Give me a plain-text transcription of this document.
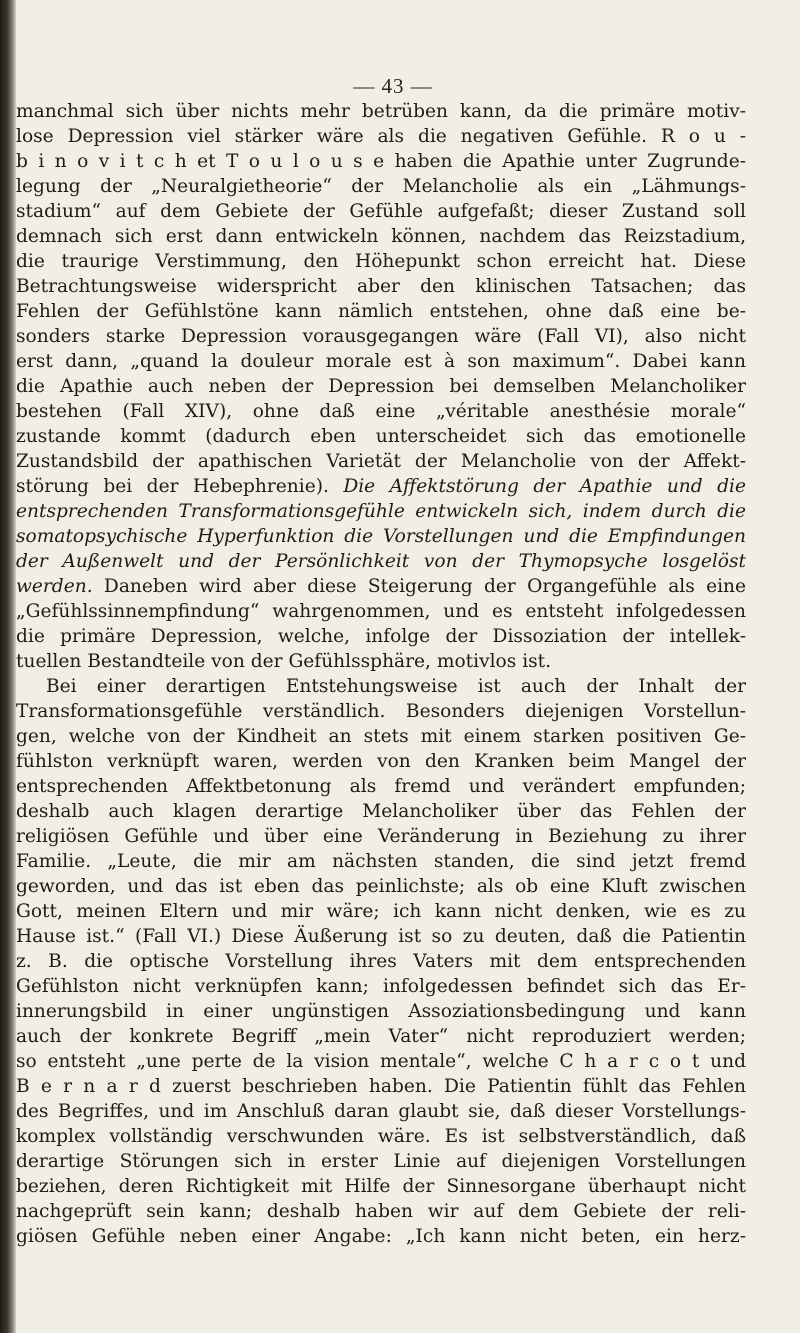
— 43 —
manchmal sich über nichts mehr betrüben kann, da die primäre motiv-
lose Depression viel stärker wäre als die negativen Gefühle. R o u -
b i n o v i t c h et T o u l o u s e haben die Apathie unter Zugrunde-
legung der „Neuralgietheorie“ der Melancholie als ein „Lähmungs-
stadium“ auf dem Gebiete der Gefühle aufgefaßt; dieser Zustand soll
demnach sich erst dann entwickeln können, nachdem das Reizstadium,
die traurige Verstimmung, den Höhepunkt schon erreicht hat. Diese
Betrachtungsweise widerspricht aber den klinischen Tatsachen; das
Fehlen der Gefühlstöne kann nämlich entstehen, ohne daß eine be-
sonders starke Depression vorausgegangen wäre (Fall VI), also nicht
erst dann, „quand la douleur morale est à son maximum“. Dabei kann
die Apathie auch neben der Depression bei demselben Melancholiker
bestehen (Fall XIV), ohne daß eine „véritable anesthésie morale“
zustande kommt (dadurch eben unterscheidet sich das emotionelle
Zustandsbild der apathischen Varietät der Melancholie von der Affekt-
störung bei der Hebephrenie). Die Affektstörung der Apathie und die
entsprechenden Transformationsgefühle entwickeln sich, indem durch die
somatopsychische Hyperfunktion die Vorstellungen und die Empfindungen
der Außenwelt und der Persönlichkeit von der Thymopsyche losgelöst
werden. Daneben wird aber diese Steigerung der Organgefühle als eine
„Gefühlssinnempfindung“ wahrgenommen, und es entsteht infolgedessen
die primäre Depression, welche, infolge der Dissoziation der intellek-
tuellen Bestandteile von der Gefühlssphäre, motivlos ist.
Bei einer derartigen Entstehungsweise ist auch der Inhalt der
Transformationsgefühle verständlich. Besonders diejenigen Vorstellun-
gen, welche von der Kindheit an stets mit einem starken positiven Ge-
fühlston verknüpft waren, werden von den Kranken beim Mangel der
entsprechenden Affektbetonung als fremd und verändert empfunden;
deshalb auch klagen derartige Melancholiker über das Fehlen der
religiösen Gefühle und über eine Veränderung in Beziehung zu ihrer
Familie. „Leute, die mir am nächsten standen, die sind jetzt fremd
geworden, und das ist eben das peinlichste; als ob eine Kluft zwischen
Gott, meinen Eltern und mir wäre; ich kann nicht denken, wie es zu
Hause ist.“ (Fall VI.) Diese Äußerung ist so zu deuten, daß die Patientin
z. B. die optische Vorstellung ihres Vaters mit dem entsprechenden
Gefühlston nicht verknüpfen kann; infolgedessen befindet sich das Er-
innerungsbild in einer ungünstigen Assoziationsbedingung und kann
auch der konkrete Begriff „mein Vater“ nicht reproduziert werden;
so entsteht „une perte de la vision mentale“, welche C h a r c o t und
B e r n a r d zuerst beschrieben haben. Die Patientin fühlt das Fehlen
des Begriffes, und im Anschluß daran glaubt sie, daß dieser Vorstellungs-
komplex vollständig verschwunden wäre. Es ist selbstverständlich, daß
derartige Störungen sich in erster Linie auf diejenigen Vorstellungen
beziehen, deren Richtigkeit mit Hilfe der Sinnesorgane überhaupt nicht
nachgeprüft sein kann; deshalb haben wir auf dem Gebiete der reli-
giösen Gefühle neben einer Angabe: „Ich kann nicht beten, ein herz-
